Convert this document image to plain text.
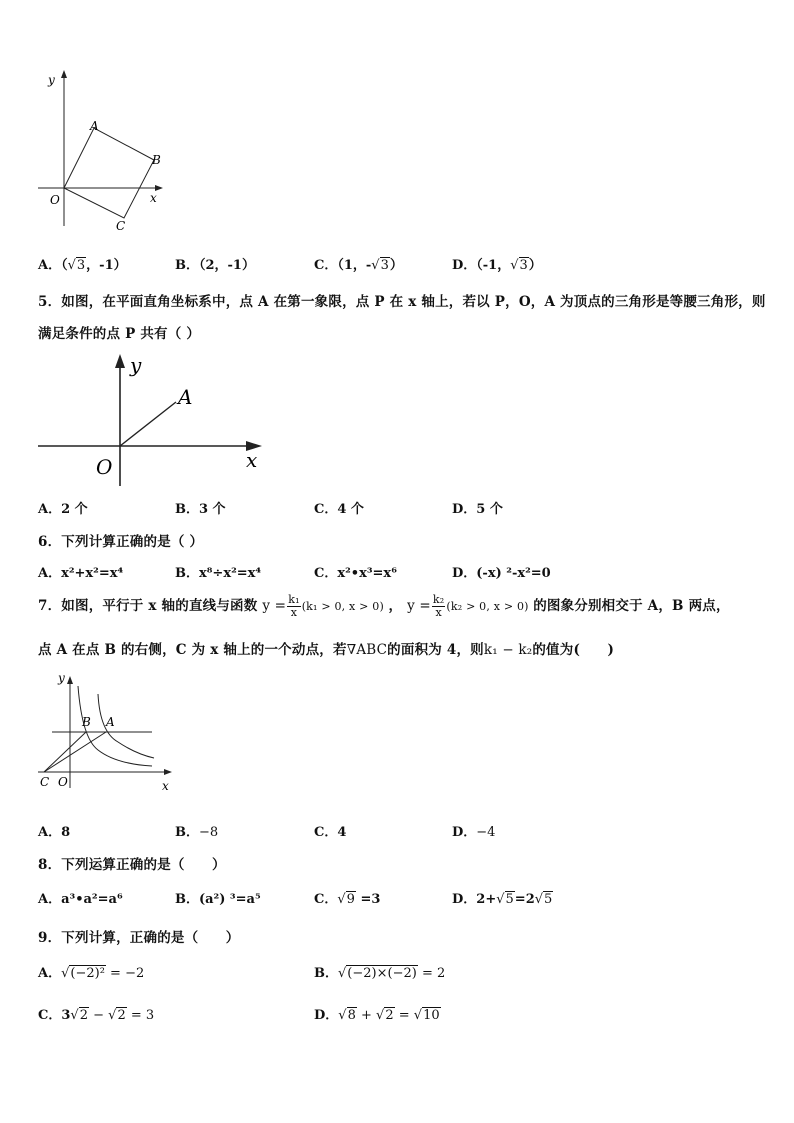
y
x
O
A
B
C
A．（√3，-1）	B．（2，-1）	C．（1，-√3）	D．（-1，√3）
5．如图，在平面直角坐标系中，点 A 在第一象限，点 P 在 x 轴上，若以 P，O，A 为顶点的三角形是等腰三角形，则
满足条件的点 P 共有（ ）
y
x
O
A
A．2 个	B．3 个	C．4 个	D．5 个
6．下列计算正确的是（ ）
A．x²+x²=x⁴	B．x⁸÷x²=x⁴	C．x²•x³=x⁶	D．(-x) ²-x²=0
7．如图，平行于 x 轴的直线与函数 $y = \frac{\text{k₁}}{x} (k_1 > 0$, x > 0) ， $y = \frac{\text{k₂}}{x} (k_2 > 0$, x > 0) 的图象分别相交于 A，B 两点，
点 A 在点 B 的右侧，C 为 x 轴上的一个动点，若∇ABC的面积为 4，则k₁ − k₂的值为(　　)
y
x
C O
B A
A．8	B．−8	C．4	D．−4
8．下列运算正确的是（　　）
A．a³•a²=a⁶	B．(a²) ³=a⁵	C．√9 =3	D．2+√5=2√5
9．下列计算，正确的是（　　）
A．√(−2)² = −2	B．√(−2)×(−2) = 2
C．3√2 − √2 = 3	D．√8 + √2 = √10
